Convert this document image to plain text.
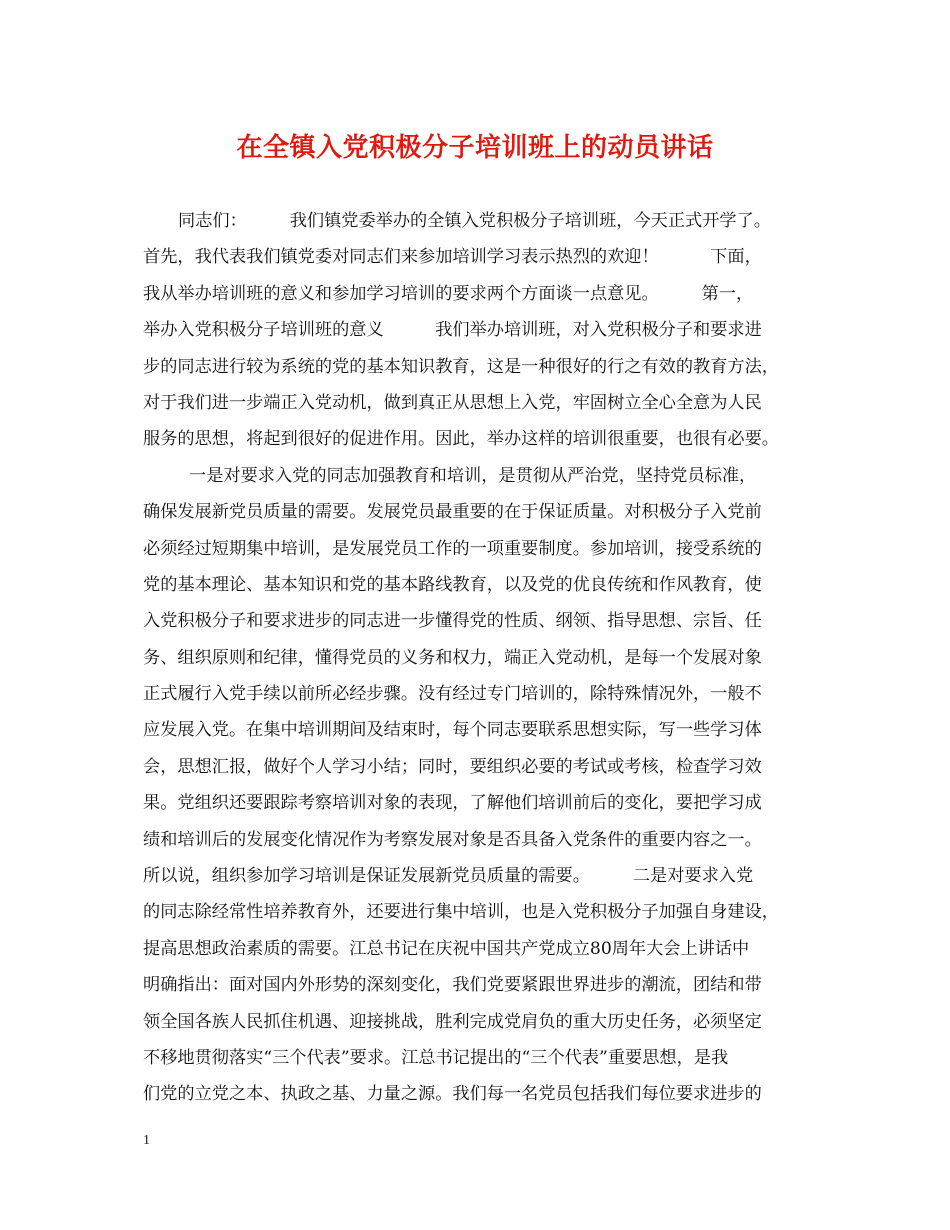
在全镇入党积极分子培训班上的动员讲话
同志们：　　　我们镇党委举办的全镇入党积极分子培训班，今天正式开学了。
首先，我代表我们镇党委对同志们来参加培训学习表示热烈的欢迎！　　　下面，
我从举办培训班的意义和参加学习培训的要求两个方面谈一点意见。　　　第一，
举办入党积极分子培训班的意义　　　我们举办培训班，对入党积极分子和要求进
步的同志进行较为系统的党的基本知识教育，这是一种很好的行之有效的教育方法，
对于我们进一步端正入党动机，做到真正从思想上入党，牢固树立全心全意为人民
服务的思想，将起到很好的促进作用。因此，举办这样的培训很重要，也很有必要。
一是对要求入党的同志加强教育和培训，是贯彻从严治党，坚持党员标准，
确保发展新党员质量的需要。发展党员最重要的在于保证质量。对积极分子入党前
必须经过短期集中培训，是发展党员工作的一项重要制度。参加培训，接受系统的
党的基本理论、基本知识和党的基本路线教育，以及党的优良传统和作风教育，使
入党积极分子和要求进步的同志进一步懂得党的性质、纲领、指导思想、宗旨、任
务、组织原则和纪律，懂得党员的义务和权力，端正入党动机，是每一个发展对象
正式履行入党手续以前所必经步骤。没有经过专门培训的，除特殊情况外，一般不
应发展入党。在集中培训期间及结束时，每个同志要联系思想实际，写一些学习体
会，思想汇报，做好个人学习小结；同时，要组织必要的考试或考核，检查学习效
果。党组织还要跟踪考察培训对象的表现，了解他们培训前后的变化，要把学习成
绩和培训后的发展变化情况作为考察发展对象是否具备入党条件的重要内容之一。
所以说，组织参加学习培训是保证发展新党员质量的需要。　　　二是对要求入党
的同志除经常性培养教育外，还要进行集中培训，也是入党积极分子加强自身建设，
提高思想政治素质的需要。江总书记在庆祝中国共产党成立80周年大会上讲话中
明确指出：面对国内外形势的深刻变化，我们党要紧跟世界进步的潮流，团结和带
领全国各族人民抓住机遇、迎接挑战，胜利完成党肩负的重大历史任务，必须坚定
不移地贯彻落实“三个代表”要求。江总书记提出的“三个代表”重要思想，是我
们党的立党之本、执政之基、力量之源。我们每一名党员包括我们每位要求进步的
1
